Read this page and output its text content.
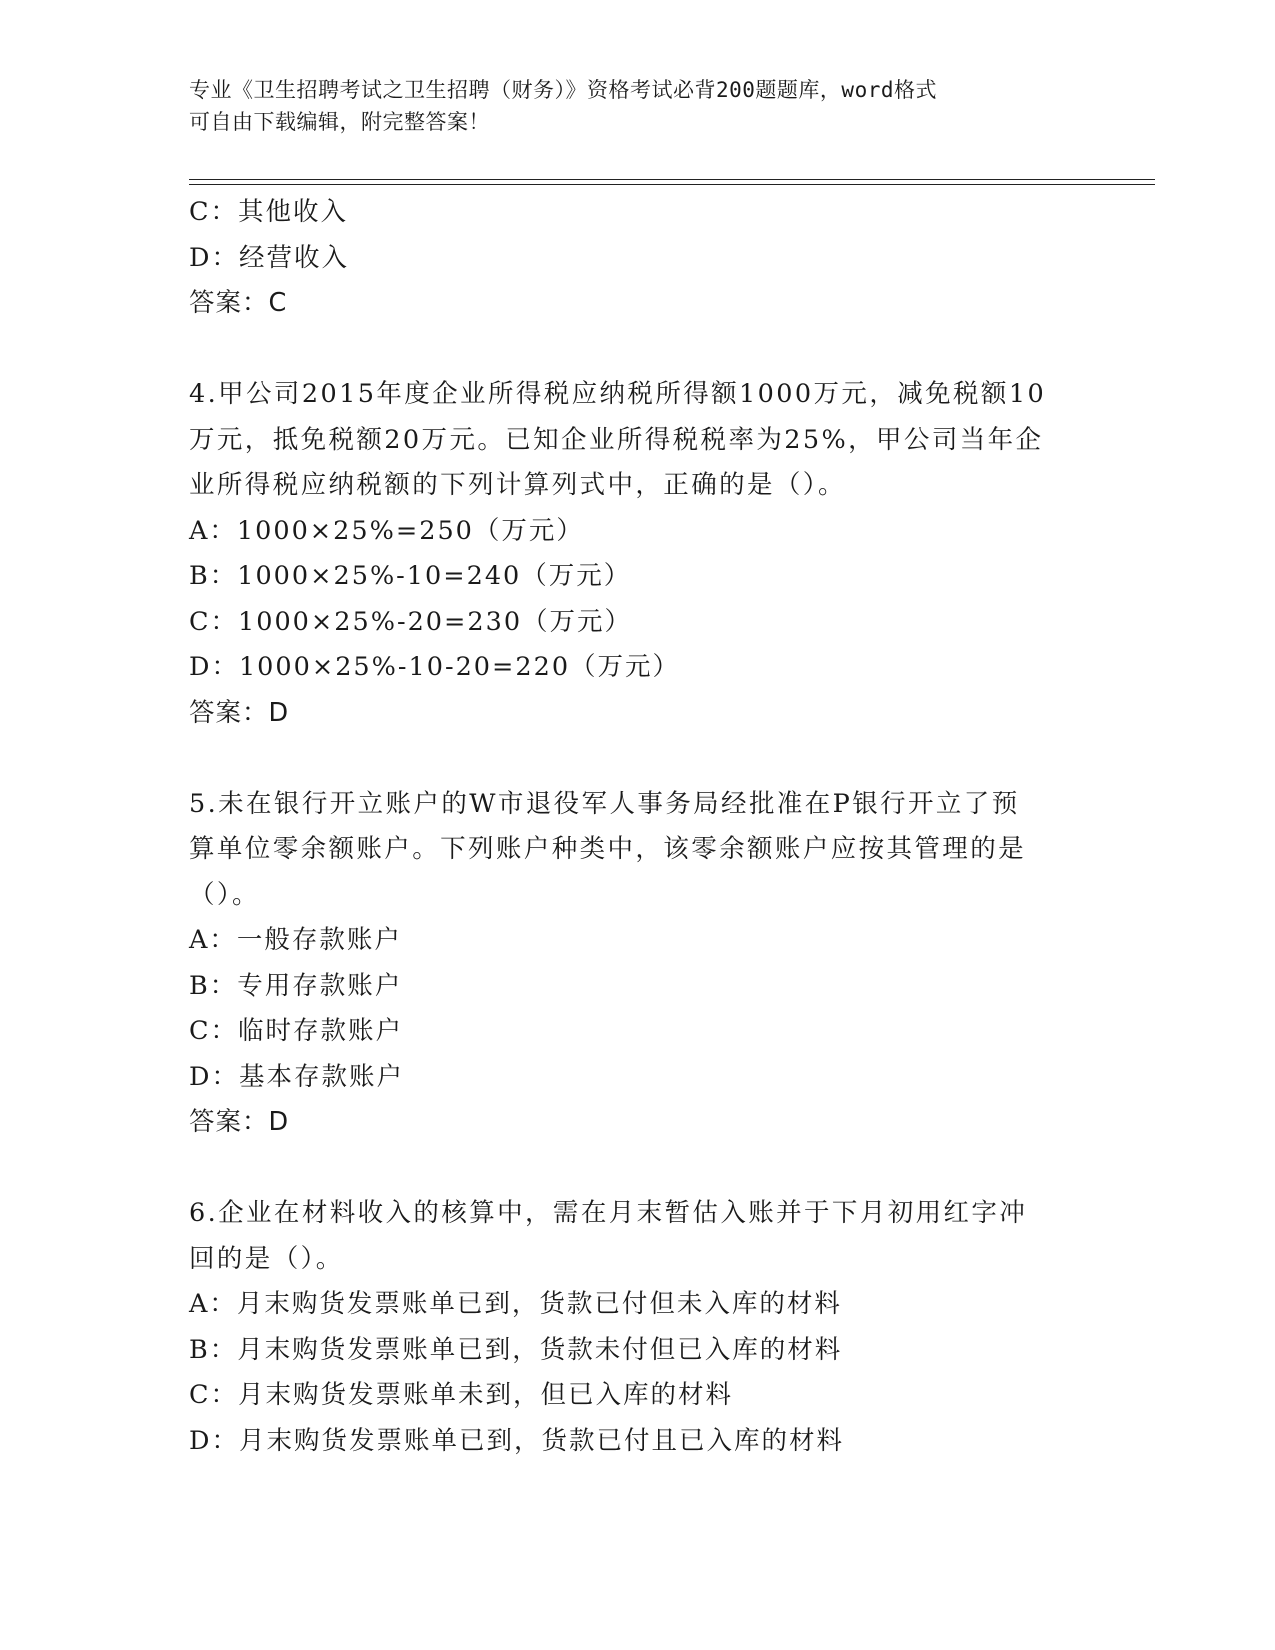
专业《卫生招聘考试之卫生招聘（财务）》资格考试必背200题题库，word格式

可自由下载编辑，附完整答案！

C：其他收入
D：经营收入
答案：C
4.甲公司2015年度企业所得税应纳税所得额1000万元，减免税额10
万元，抵免税额20万元。已知企业所得税税率为25%，甲公司当年企
业所得税应纳税额的下列计算列式中，正确的是（）。
A：1000×25%=250（万元）
B：1000×25%-10=240（万元）
C：1000×25%-20=230（万元）
D：1000×25%-10-20=220（万元）
答案：D
5.未在银行开立账户的W市退役军人事务局经批准在P银行开立了预
算单位零余额账户。下列账户种类中，该零余额账户应按其管理的是
（）。
A：一般存款账户
B：专用存款账户
C：临时存款账户
D：基本存款账户
答案：D
6.企业在材料收入的核算中，需在月末暂估入账并于下月初用红字冲
回的是（）。
A：月末购货发票账单已到，货款已付但未入库的材料
B：月末购货发票账单已到，货款未付但已入库的材料
C：月末购货发票账单未到，但已入库的材料
D：月末购货发票账单已到，货款已付且已入库的材料
